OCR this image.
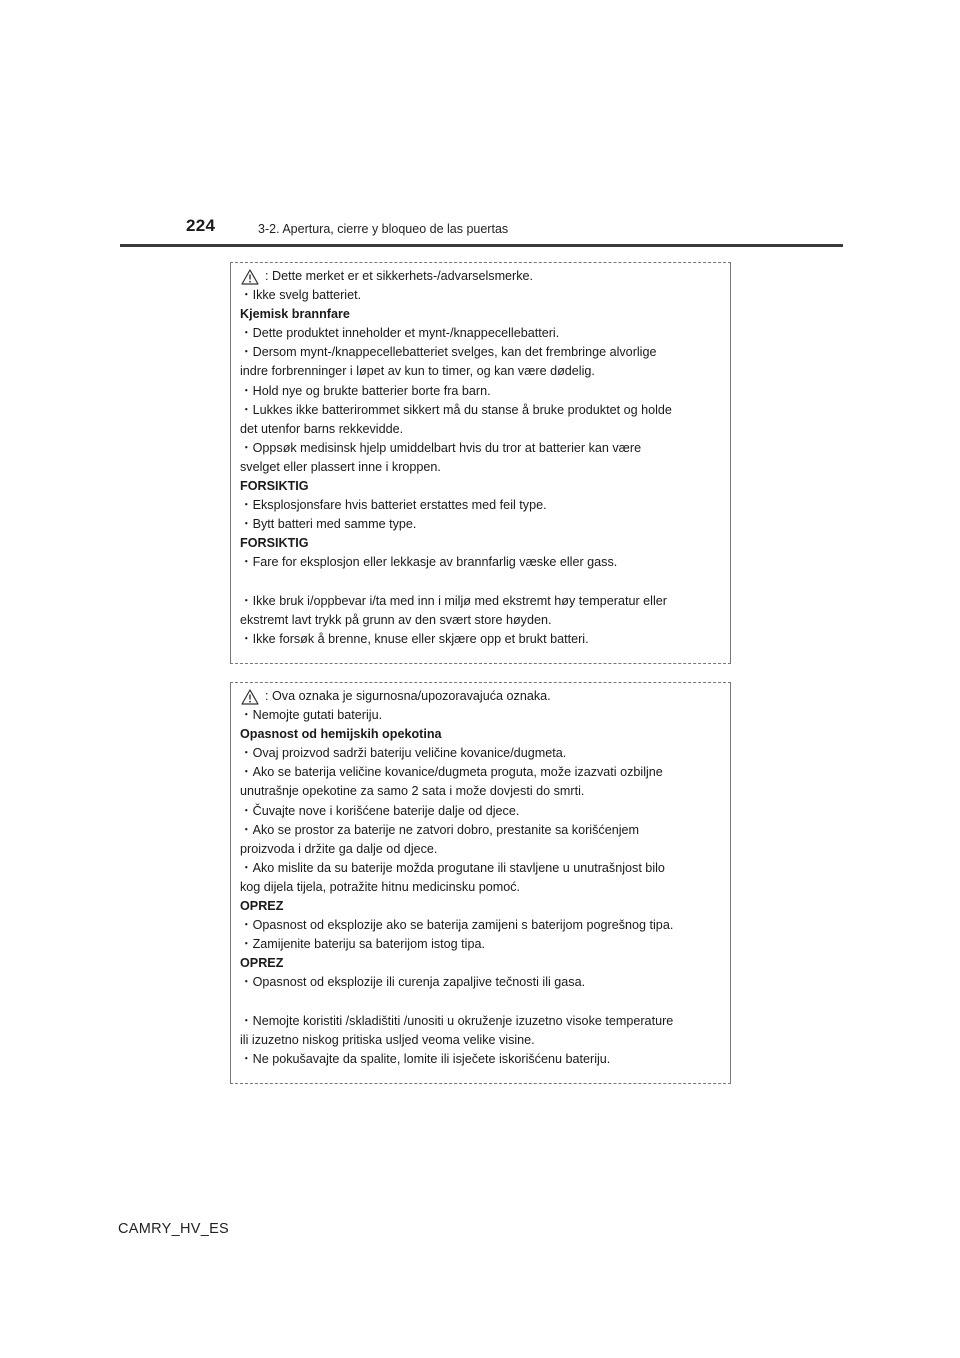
224	3-2. Apertura, cierre y bloqueo de las puertas
: Dette merket er et sikkerhets-/advarselsmerke.
・Ikke svelg batteriet.
Kjemisk brannfare
・Dette produktet inneholder et mynt-/knappecellebatteri.
・Dersom mynt-/knappecellebatteriet svelges, kan det frembringe alvorlige
indre forbrenninger i løpet av kun to timer, og kan være dødelig.
・Hold nye og brukte batterier borte fra barn.
・Lukkes ikke batterirommet sikkert må du stanse å bruke produktet og holde
det utenfor barns rekkevidde.
・Oppsøk medisinsk hjelp umiddelbart hvis du tror at batterier kan være
svelget eller plassert inne i kroppen.
FORSIKTIG
・Eksplosjonsfare hvis batteriet erstattes med feil type.
・Bytt batteri med samme type.
FORSIKTIG
・Fare for eksplosjon eller lekkasje av brannfarlig væske eller gass.
・Ikke bruk i/oppbevar i/ta med inn i miljø med ekstremt høy temperatur eller
ekstremt lavt trykk på grunn av den svært store høyden.
・Ikke forsøk å brenne, knuse eller skjære opp et brukt batteri.
: Ova oznaka je sigurnosna/upozoravajuća oznaka.
・Nemojte gutati bateriju.
Opasnost od hemijskih opekotina
・Ovaj proizvod sadrži bateriju veličine kovanice/dugmeta.
・Ako se baterija veličine kovanice/dugmeta proguta, može izazvati ozbiljne
unutrašnje opekotine za samo 2 sata i može dovjesti do smrti.
・Čuvajte nove i korišćene baterije dalje od djece.
・Ako se prostor za baterije ne zatvori dobro, prestanite sa korišćenjem
proizvoda i držite ga dalje od djece.
・Ako mislite da su baterije možda progutane ili stavljene u unutrašnjost bilo
kog dijela tijela, potražite hitnu medicinsku pomoć.
OPREZ
・Opasnost od eksplozije ako se baterija zamijeni s baterijom pogrešnog tipa.
・Zamijenite bateriju sa baterijom istog tipa.
OPREZ
・Opasnost od eksplozije ili curenja zapaljive tečnosti ili gasa.
・Nemojte koristiti /skladištiti /unositi u okruženje izuzetno visoke temperature
ili izuzetno niskog pritiska usljed veoma velike visine.
・Ne pokušavajte da spalite, lomite ili isječete iskorišćenu bateriju.
CAMRY_HV_ES
